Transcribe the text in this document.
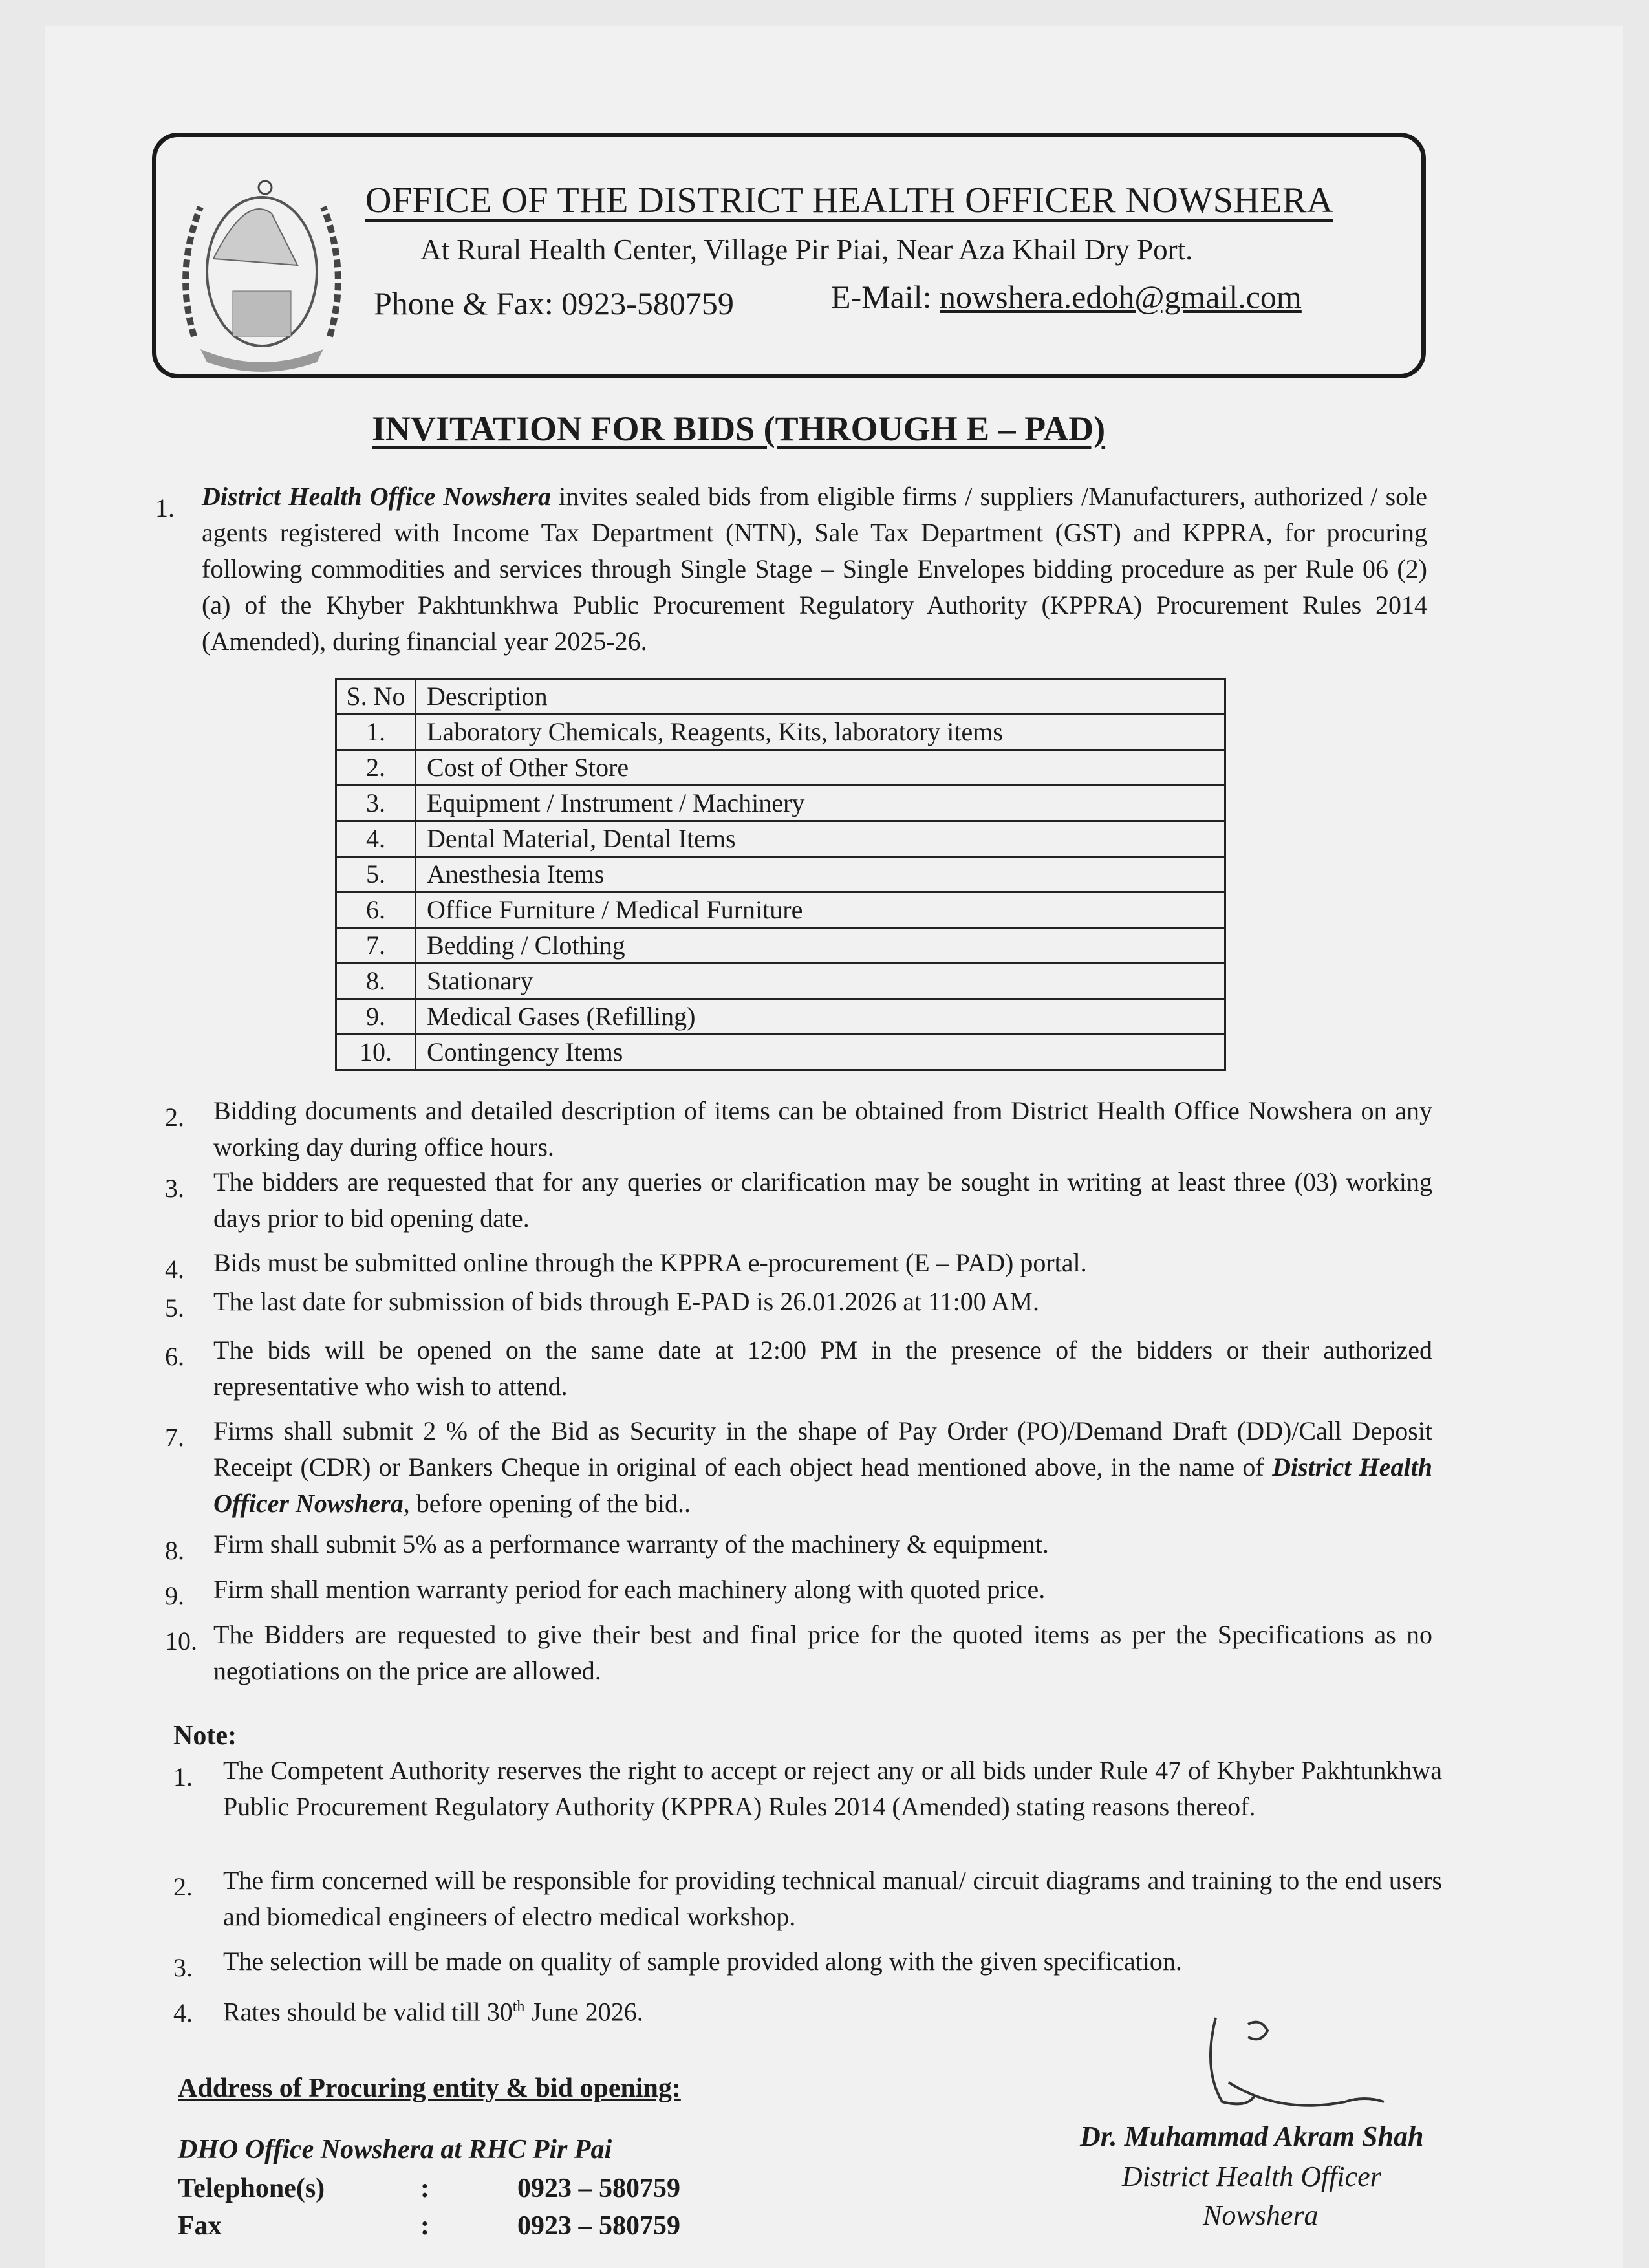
OFFICE OF THE DISTRICT HEALTH OFFICER NOWSHERA
At Rural Health Center, Village Pir Piai, Near Aza Khail Dry Port.
Phone & Fax: 0923-580759	E-Mail: nowshera.edoh@gmail.com
INVITATION FOR BIDS (THROUGH E – PAD)
1. District Health Office Nowshera invites sealed bids from eligible firms / suppliers /Manufacturers, authorized / sole agents registered with Income Tax Department (NTN), Sale Tax Department (GST) and KPPRA, for procuring following commodities and services through Single Stage – Single Envelopes bidding procedure as per Rule 06 (2) (a) of the Khyber Pakhtunkhwa Public Procurement Regulatory Authority (KPPRA) Procurement Rules 2014 (Amended), during financial year 2025-26.
S. No	Description
1.	Laboratory Chemicals, Reagents, Kits, laboratory items
2.	Cost of Other Store
3.	Equipment / Instrument / Machinery
4.	Dental Material, Dental Items
5.	Anesthesia Items
6.	Office Furniture / Medical Furniture
7.	Bedding / Clothing
8.	Stationary
9.	Medical Gases (Refilling)
10.	Contingency Items
2. Bidding documents and detailed description of items can be obtained from District Health Office Nowshera on any working day during office hours.
3. The bidders are requested that for any queries or clarification may be sought in writing at least three (03) working days prior to bid opening date.
4. Bids must be submitted online through the KPPRA e-procurement (E – PAD) portal.
5. The last date for submission of bids through E-PAD is 26.01.2026 at 11:00 AM.
6. The bids will be opened on the same date at 12:00 PM in the presence of the bidders or their authorized representative who wish to attend.
7. Firms shall submit 2 % of the Bid as Security in the shape of Pay Order (PO)/Demand Draft (DD)/Call Deposit Receipt (CDR) or Bankers Cheque in original of each object head mentioned above, in the name of District Health Officer Nowshera, before opening of the bid..
8. Firm shall submit 5% as a performance warranty of the machinery & equipment.
9. Firm shall mention warranty period for each machinery along with quoted price.
10. The Bidders are requested to give their best and final price for the quoted items as per the Specifications as no negotiations on the price are allowed.
Note:
1. The Competent Authority reserves the right to accept or reject any or all bids under Rule 47 of Khyber Pakhtunkhwa Public Procurement Regulatory Authority (KPPRA) Rules 2014 (Amended) stating reasons thereof.
2. The firm concerned will be responsible for providing technical manual/ circuit diagrams and training to the end users and biomedical engineers of electro medical workshop.
3. The selection will be made on quality of sample provided along with the given specification.
4. Rates should be valid till 30th June 2026.
Address of Procuring entity & bid opening:
DHO Office Nowshera at RHC Pir Pai
Telephone(s)	:	0923 – 580759
Fax	:	0923 – 580759
Dr. Muhammad Akram Shah
District Health Officer
Nowshera
